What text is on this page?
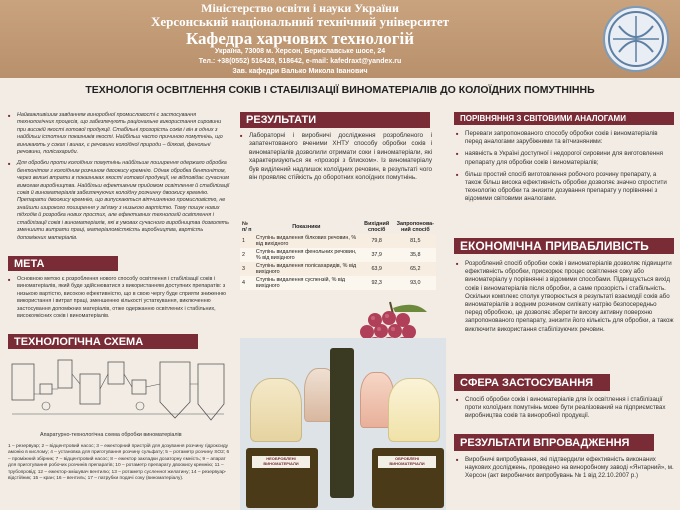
Міністерство освіти і науки України
Херсонський національний технічний університет
Кафедра харчових технологій
Україна, 73008 м. Херсон, Бериславське шосе, 24
Тел.: +38(0552) 516428, 518642, e-mail: kafedraxt@yandex.ru
Зав. кафедри Валько Микола Іванович
ТЕХНОЛОГІЯ ОСВІТЛЕННЯ СОКІВ І СТАБІЛІЗАЦІЇ ВИНОМАТЕРІАЛІВ ДО КОЛОЇДНИХ ПОМУТНІННЬ
■ Найважливішим завданням виноробної промисловості є застосування технологічних процесів, що забезпечують раціональне використання сировини при високій якості готової продукції. Стабільні прозорість соків і він в одних з найбільш істотних показників якості. Найбільш часто причиною помутнінь, що виникають у соках і винах, є речовини колоїдної природи – білкові, фенольні речовини, полісахариди.
■ Для обробки проти колоїдних помутнінь найбільше поширення одержало обробка бентонітом з колоїдним розчином двоокису кремнію. Однак обробка бентонітом, через великі втрати в показниках якості готової продукції, не відповідає сучасним вимогам виробництва. Найбільш ефективним прийомом освітлення й стабілізації соків й виноматеріалів забезпечуючих колоїдну розчинну двоокису кремнію. Препарати двоокису кремнію, що випускаються вітчизняною промисловістю, не знайшли широкого поширення у зв'язку з низькою вартістю. Тому пошук нових підходів й розробка нових простих, але ефективних технологій освітлення і стабілізації соків і виноматеріалів, які в умовах сучасного виробництва дозволять зменшити витрати праці, матеріаломісткість виробництва, вартість допоміжних матеріалів.
МЕТА
■ Основною метою є розроблення нового способу освітлення і стабілізації соків і виноматеріалів, який буде здійснюватися з використанням доступних препаратів: з низькою вартістю, високою ефективністю, що в свою чергу буде сприяти зниженню використання і витрат праці, зменшенню кількості устаткування, виключенню застосування допоміжних матеріалів, отже одержанню освітлених і стабільних, високоякісних соків і виноматеріалів.
ТЕХНОЛОГІЧНА СХЕМА
Апаратурно-технологічна схема обробки виноматеріалів
1 – резервуар; 2 – відцентровий насос; 3 – ежекторний пристрій для дозування розчину гідроксиду амонію в кислому; 4 – установка для приготування розчину сульфату; 5 – ротаметр розчину SO2; 6 – проміжний збірник; 7 – відцентровий насос; 8 – ежектор закладки дозаторну ємність; 9 – апарат для приготування робочих розчинів препаратів; 10 – ротаметр препарату двоокису кремнію; 11 – трубопровід; 12 – ежектор-змішувач вентилю; 13 – ротаметр сусленної желатину; 14 – резервуар-відстійник; 15 – кран; 16 – вентиль; 17 – патрубки подачі соку (виноматеріалу).
РЕЗУЛЬТАТИ
■ Лабораторні і виробничі дослідження розробленого і запатентованого вченими ХНТУ способу обробки соків і виноматеріалів дозволили отримати соки і виноматеріали, які характеризуються як «прозорі з блиском». Із виноматеріалу був виділений надлишок колоїдних речовин, в результаті чого він проявляє стійкість до оборотних колоїдних помутнінь.
№ п/ п	Показники	Вихідний спосіб	Запропонова-ний спосіб
1	Ступінь видалення білкових речовин, % від вихідного	79,8	81,5
2	Ступінь видалення фенольних речовин, % від вихідного	37,9	35,8
3	Ступінь видалення полісахаридів, % від вихідного	63,9	65,2
4	Ступінь видалення суспензій, % від вихідного	92,3	93,0
НЕОБРОБЛЕНІ ВИНОМАТЕРІАЛИ
ОБРОБЛЕНІ ВИНОМАТЕРІАЛИ
ПОРІВНЯННЯ З СВІТОВИМИ АНАЛОГАМИ
■ Переваги запропонованого способу обробки соків і виноматеріалів перед аналогами зарубіжними та вітчизняними:
■ наявність в Україні доступної і недорогої сировини для виготовлення препарату для обробки соків і виноматеріалів;
■ більш простий спосіб виготовлення робочого розчину препарату, а також більш висока ефективність обробки дозволяє значно спростити технологію обробки та знизити дозування препарату у порівнянні з відомими світовими аналогами.
ЕКОНОМІЧНА ПРИВАБЛИВІСТЬ
■ Розроблений спосіб обробки соків і виноматеріалів дозволяє підвищити ефективність обробки, прискорює процес освітлення соку або виноматеріалу у порівнянні з відомими способами. Підвищується вихід соків і виноматеріалів після обробки, а саме прозорість і стабільність. Оскільки комплекс сполук утворюється в результаті взаємодії соків або виноматеріалів з водним розчином силікату натрію безпосередньо перед обробкою, це дозволяє зберегти високу активну поверхню запропонованого препарату, знизити його кількість для обробки, а також виключити використання стабілізуючих речовин.
СФЕРА ЗАСТОСУВАННЯ
■ Спосіб обробки соків і виноматеріалів для їх освітлення і стабілізації проти колоїдних помутнінь може бути реалізований на підприємствах виробництва соків та виноробної продукції.
РЕЗУЛЬТАТИ ВПРОВАДЖЕННЯ
■ Виробничі випробування, які підтвердили ефективність виконаних наукових досліджень, проведено на виноробному заводі «Янтарний», м. Херсон (акт виробничих випробувань № 1 від 22.10.2007 р.)
